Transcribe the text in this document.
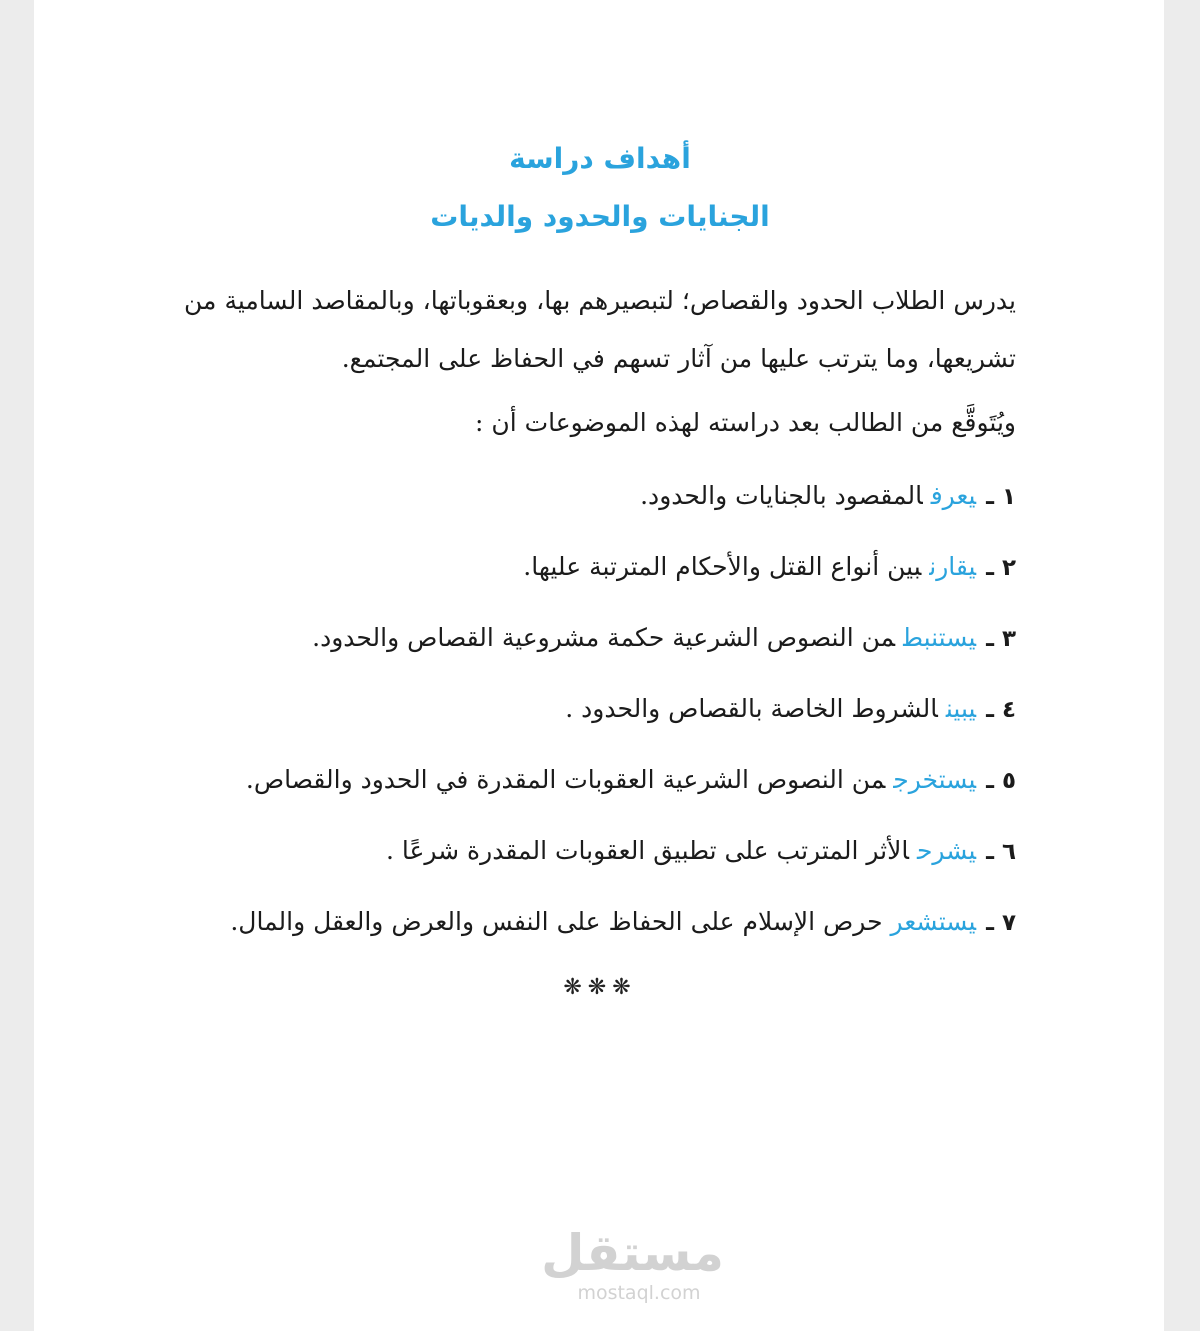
أهداف دراسة
الجنايات والحدود والديات

يدرس الطلاب الحدود والقصاص؛ لتبصيرهم بها، وبعقوباتها، وبالمقاصد السامية من تشريعها، وما يترتب عليها من آثار تسهم في الحفاظ على المجتمع.

ويُتَوقَّع من الطالب بعد دراسته لهذه الموضوعات أن :

١ ـيعرفالمقصود بالجنايات والحدود.
٢ ـيقارنبين أنواع القتل والأحكام المترتبة عليها.
٣ ـيستنبطمن النصوص الشرعية حكمة مشروعية القصاص والحدود.
٤ ـيبينالشروط الخاصة بالقصاص والحدود .
٥ ـيستخرجمن النصوص الشرعية العقوبات المقدرة في الحدود والقصاص.
٦ ـيشرحالأثر المترتب على تطبيق العقوبات المقدرة شرعًا .
٧ ـيستشعرحرص الإسلام على الحفاظ على النفس والعرض والعقل والمال.
❋❋❋
مستقل
mostaql.com
